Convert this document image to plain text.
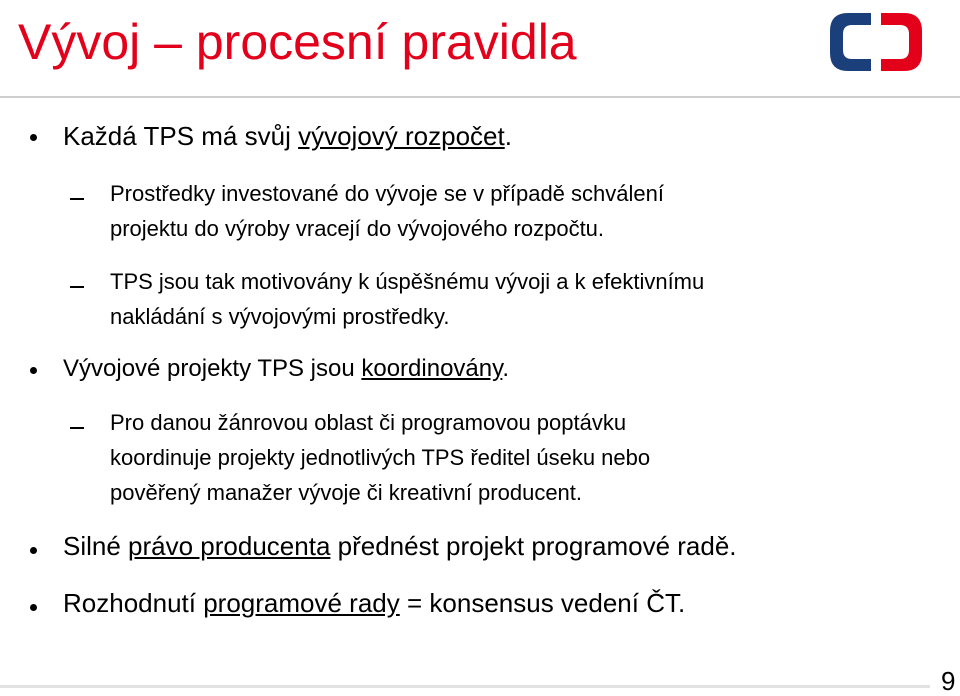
Vývoj – procesní pravidla
Každá TPS má svůj vývojový rozpočet.
Prostředky investované do vývoje se v případě schválení
projektu do výroby vracejí do vývojového rozpočtu.
TPS jsou tak motivovány k úspěšnému vývoji a k efektivnímu
nakládání s vývojovými prostředky.
Vývojové projekty TPS jsou koordinovány.
Pro danou žánrovou oblast či programovou poptávku
koordinuje projekty jednotlivých TPS ředitel úseku nebo
pověřený manažer vývoje či kreativní producent.
Silné právo producenta přednést projekt programové radě.
Rozhodnutí programové rady = konsensus vedení ČT.
9
